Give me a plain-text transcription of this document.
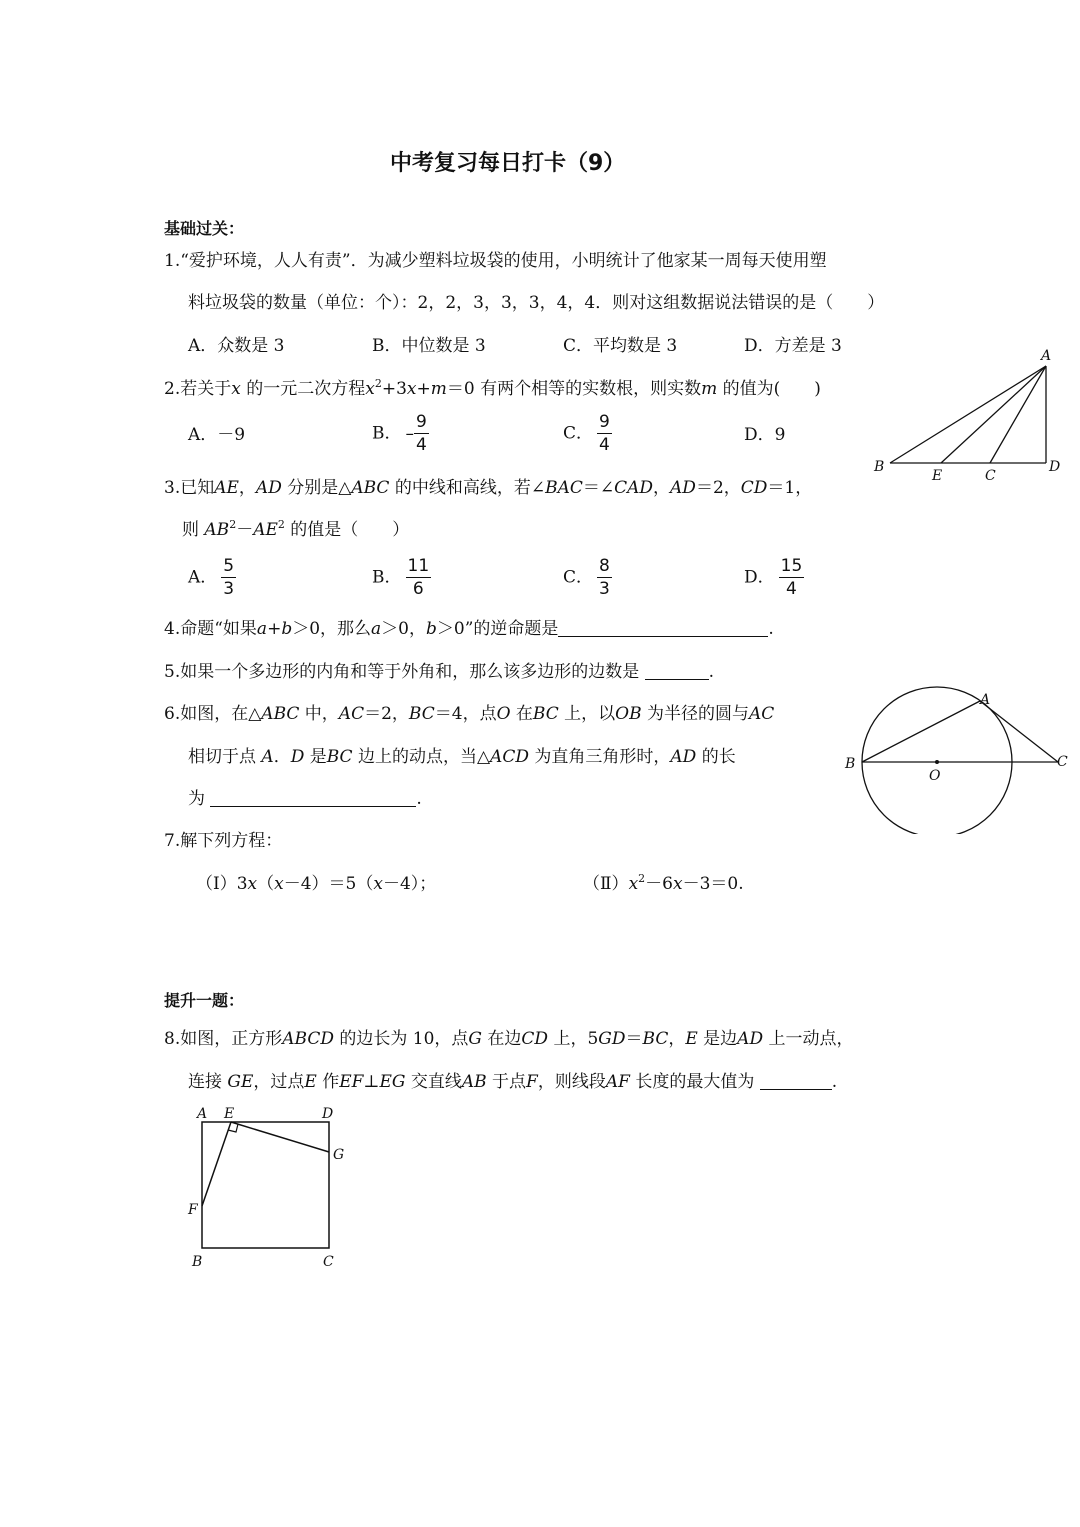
中考复习每日打卡（9）
基础过关：
1.“爱护环境，人人有责”．为减少塑料垃圾袋的使用，小明统计了他家某一周每天使用塑
料垃圾袋的数量（单位：个）：2，2，3，3，3，4，4．则对这组数据说法错误的是（　　）
A．众数是 3	B．中位数是 3	C．平均数是 3	D．方差是 3
2.若关于x 的一元二次方程$x^2+3x+m=0$ 有两个相等的实数根，则实数m 的值为(　　)
A．－9	B． – $\frac{9}{4}$	C． $\frac{9}{4}$	D．9
3.已知AE，AD 分别是△ABC 的中线和高线，若∠BAC＝∠CAD，AD＝2，CD＝1，
则 $AB^2-AE^2$ 的值是（　　）
A． $\frac{5}{3}$	B． $\frac{11}{6}$	C． $\frac{8}{3}$	D． $\frac{15}{4}$
4.命题“如果a+b＞0，那么a＞0，b＞0”的逆命题是	.
5.如果一个多边形的内角和等于外角和，那么该多边形的边数是	.
6.如图，在△ABC 中，AC＝2，BC＝4，点O 在BC 上，以OB 为半径的圆与AC
相切于点 A．D 是BC 边上的动点，当△ACD 为直角三角形时，AD 的长
为	.
7.解下列方程：
（Ⅰ）3x（x－4）＝5（x－4）；	$(Ⅱ)x^2-6x-3=0$.
提升一题：
8.如图，正方形ABCD 的边长为 10，点G 在边CD 上，5GD＝BC，E 是边AD 上一动点，
连接 GE，过点E 作EF⊥EG 交直线AB 于点F，则线段AF 长度的最大值为	.
A
B
E	C
D
A
B
O
C
A E	D
G
F
B	C
